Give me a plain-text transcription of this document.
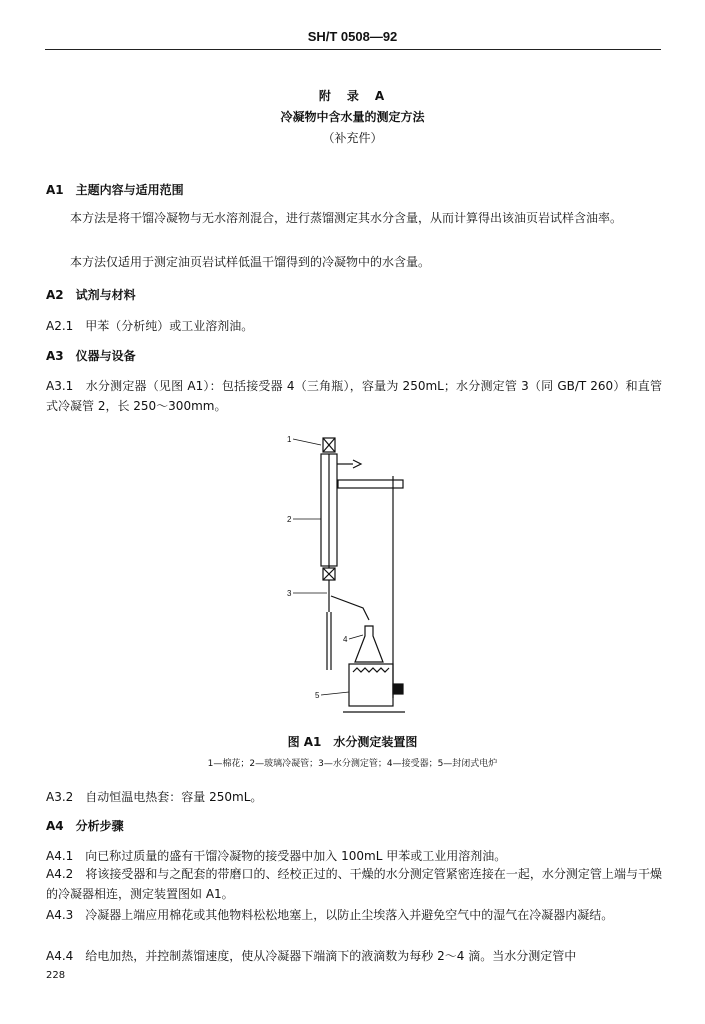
SH/T 0508—92
附　录　A
冷凝物中含水量的测定方法
（补充件）
A1　主题内容与适用范围
本方法是将干馏冷凝物与无水溶剂混合，进行蒸馏测定其水分含量，从而计算得出该油页岩试样含油率。
本方法仅适用于测定油页岩试样低温干馏得到的冷凝物中的水含量。
A2　试剂与材料
A2.1　甲苯（分析纯）或工业溶剂油。
A3　仪器与设备
A3.1　水分测定器（见图 A1）：包括接受器 4（三角瓶），容量为 250mL；水分测定管 3（同 GB/T 260）和直管式冷凝管 2，长 250～300mm。
1
2
3
4
5
图 A1　水分测定装置图
1—棉花；2—玻璃冷凝管；3—水分测定管；4—接受器；5—封闭式电炉
A3.2　自动恒温电热套：容量 250mL。
A4　分析步骤
A4.1　向已称过质量的盛有干馏冷凝物的接受器中加入 100mL 甲苯或工业用溶剂油。
A4.2　将该接受器和与之配套的带磨口的、经校正过的、干燥的水分测定管紧密连接在一起，水分测定管上端与干燥的冷凝器相连，测定装置图如 A1。
A4.3　冷凝器上端应用棉花或其他物料松松地塞上，以防止尘埃落入并避免空气中的湿气在冷凝器内凝结。
A4.4　给电加热，并控制蒸馏速度，使从冷凝器下端滴下的液滴数为每秒 2～4 滴。当水分测定管中
228
